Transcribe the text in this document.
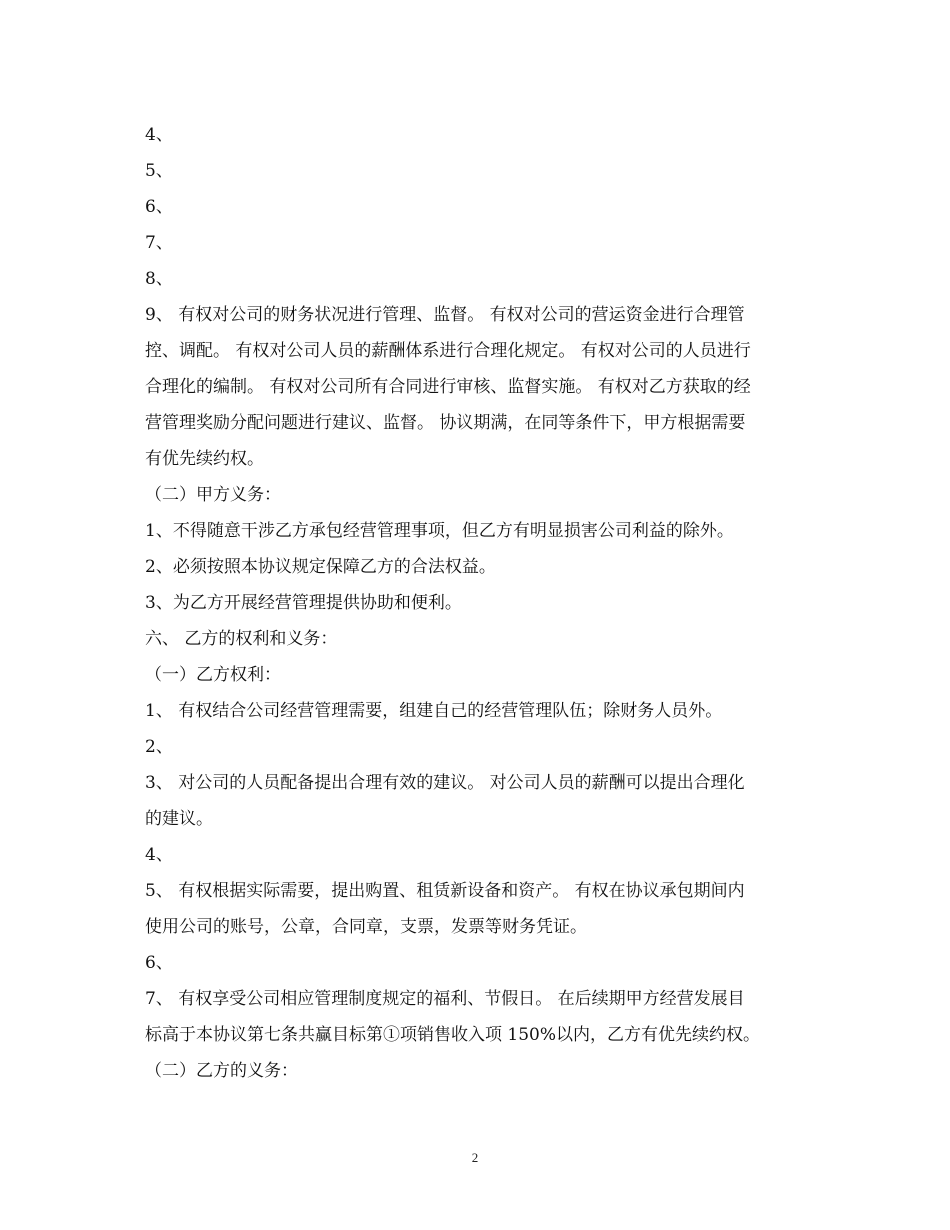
4、
5、
6、
7、
8、
9、 有权对公司的财务状况进行管理、监督。 有权对公司的营运资金进行合理管
控、调配。 有权对公司人员的薪酬体系进行合理化规定。 有权对公司的人员进行
合理化的编制。 有权对公司所有合同进行审核、监督实施。 有权对乙方获取的经
营管理奖励分配问题进行建议、监督。 协议期满，在同等条件下，甲方根据需要
有优先续约权。
（二）甲方义务：
1、不得随意干涉乙方承包经营管理事项，但乙方有明显损害公司利益的除外。
2、必须按照本协议规定保障乙方的合法权益。
3、为乙方开展经营管理提供协助和便利。
六、 乙方的权利和义务：
（一）乙方权利：
1、 有权结合公司经营管理需要，组建自己的经营管理队伍；除财务人员外。
2、
3、 对公司的人员配备提出合理有效的建议。 对公司人员的薪酬可以提出合理化
的建议。
4、
5、 有权根据实际需要，提出购置、租赁新设备和资产。 有权在协议承包期间内
使用公司的账号，公章，合同章，支票，发票等财务凭证。
6、
7、 有权享受公司相应管理制度规定的福利、节假日。 在后续期甲方经营发展目
标高于本协议第七条共赢目标第①项销售收入项 150%以内，乙方有优先续约权。
（二）乙方的义务：
2
